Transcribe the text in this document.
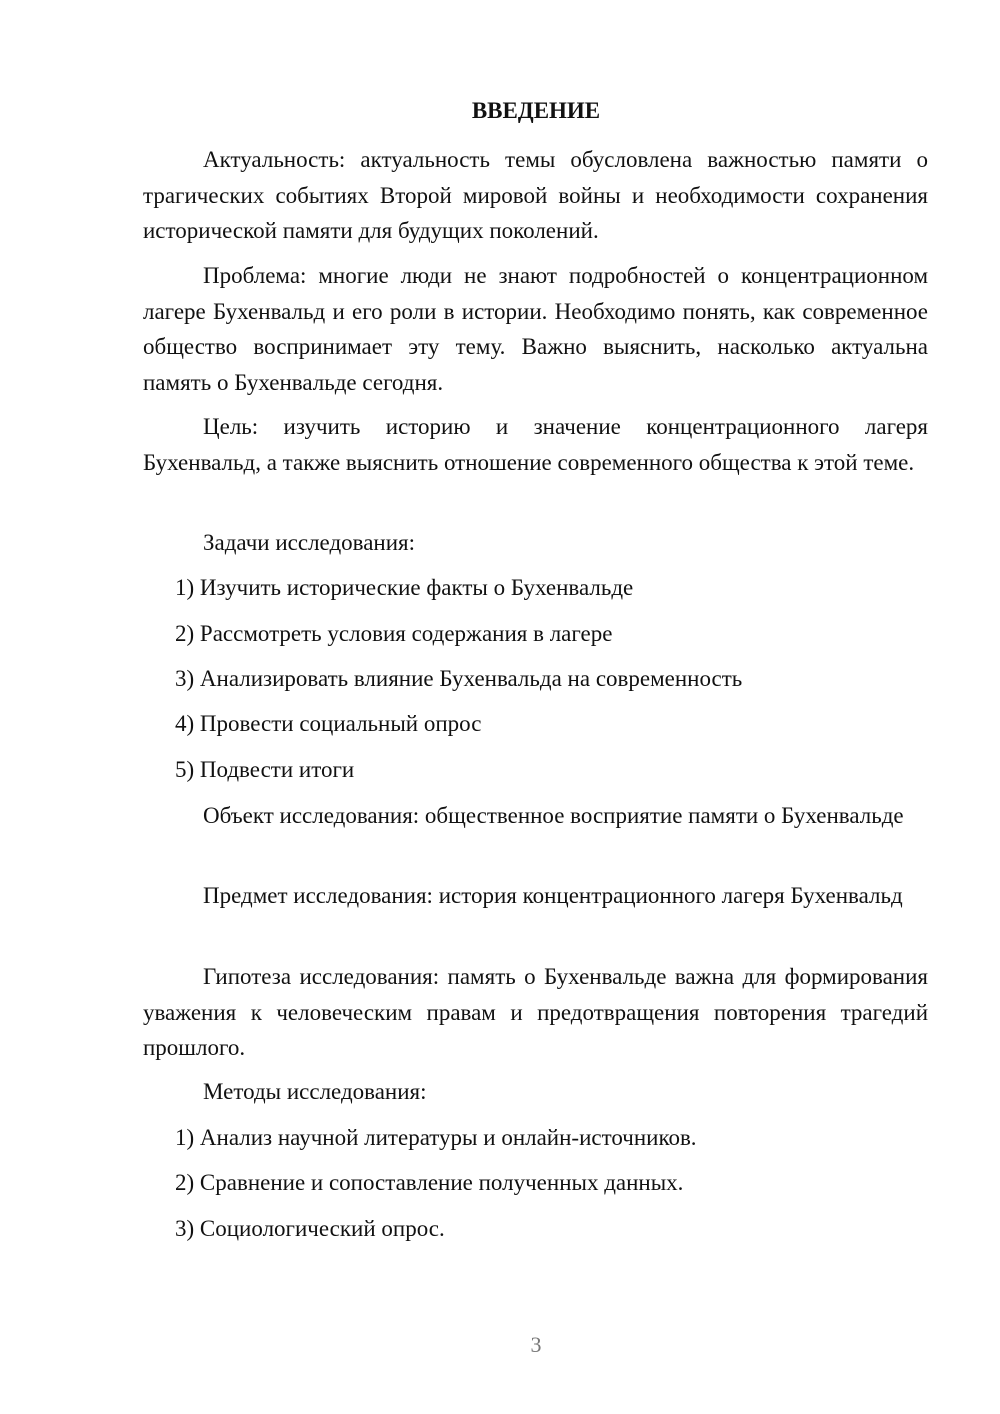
ВВЕДЕНИЕ

Актуальность: актуальность темы обусловлена важностью памяти о трагических событиях Второй мировой войны и необходимости сохранения исторической памяти для будущих поколений.

Проблема: многие люди не знают подробностей о концентрационном лагере Бухенвальд и его роли в истории. Необходимо понять, как современное общество воспринимает эту тему. Важно выяснить, насколько актуальна память о Бухенвальде сегодня.

Цель: изучить историю и значение концентрационного лагеря Бухенвальд, а также выяснить отношение современного общества к этой теме.

Задачи исследования:

1) Изучить исторические факты о Бухенвальде

2) Рассмотреть условия содержания в лагере

3) Анализировать влияние Бухенвальда на современность

4) Провести социальный опрос

5) Подвести итоги

Объект исследования: общественное восприятие памяти о Бухенвальде

Предмет исследования: история концентрационного лагеря Бухенвальд

Гипотеза исследования: память о Бухенвальде важна для формирования уважения к человеческим правам и предотвращения повторения трагедий прошлого.

Методы исследования:

1) Анализ научной литературы и онлайн-источников.

2) Сравнение и сопоставление полученных данных.

3) Социологический опрос.

3
